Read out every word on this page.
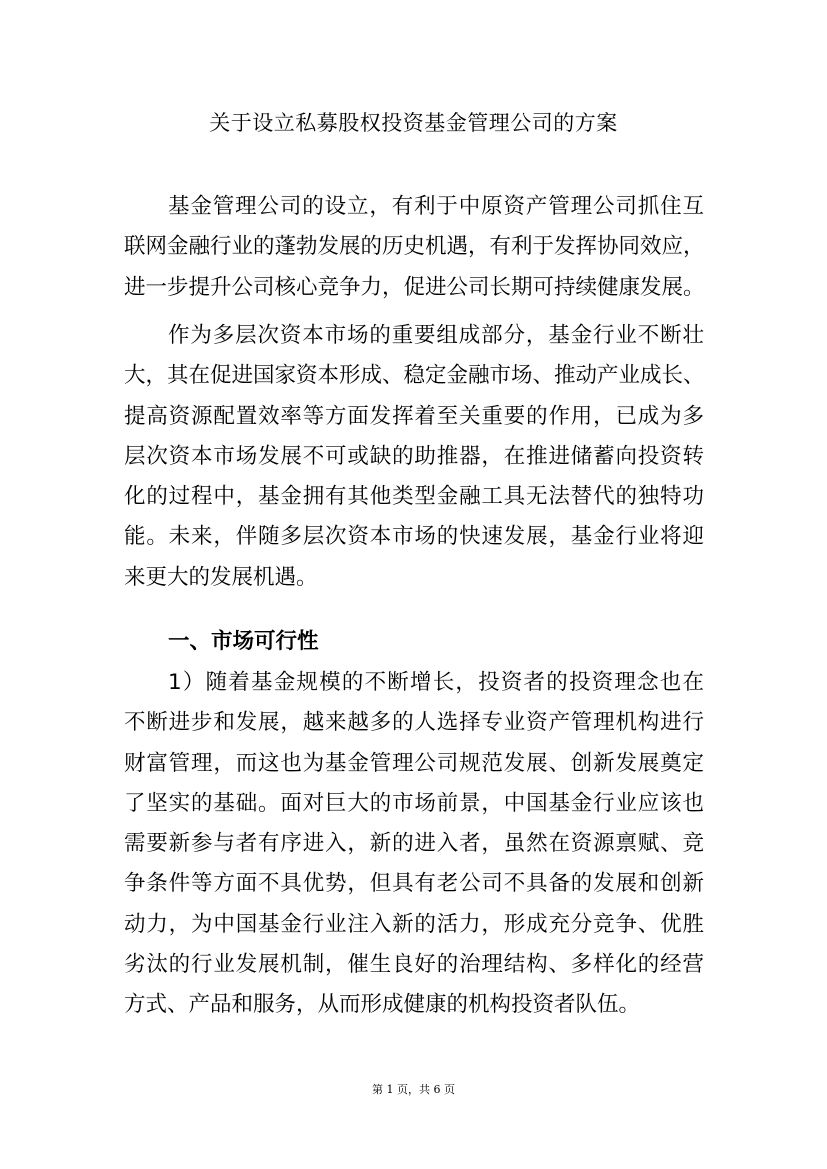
关于设立私募股权投资基金管理公司的方案
基金管理公司的设立，有利于中原资产管理公司抓住互
联网金融行业的蓬勃发展的历史机遇，有利于发挥协同效应，
进一步提升公司核心竞争力，促进公司长期可持续健康发展。
作为多层次资本市场的重要组成部分，基金行业不断壮
大，其在促进国家资本形成、稳定金融市场、推动产业成长、
提高资源配置效率等方面发挥着至关重要的作用，已成为多
层次资本市场发展不可或缺的助推器，在推进储蓄向投资转
化的过程中，基金拥有其他类型金融工具无法替代的独特功
能。未来，伴随多层次资本市场的快速发展，基金行业将迎
来更大的发展机遇。
一、市场可行性
1）随着基金规模的不断增长，投资者的投资理念也在
不断进步和发展，越来越多的人选择专业资产管理机构进行
财富管理，而这也为基金管理公司规范发展、创新发展奠定
了坚实的基础。面对巨大的市场前景，中国基金行业应该也
需要新参与者有序进入，新的进入者，虽然在资源禀赋、竞
争条件等方面不具优势，但具有老公司不具备的发展和创新
动力，为中国基金行业注入新的活力，形成充分竞争、优胜
劣汰的行业发展机制，催生良好的治理结构、多样化的经营
方式、产品和服务，从而形成健康的机构投资者队伍。
第 1 页，共 6 页
